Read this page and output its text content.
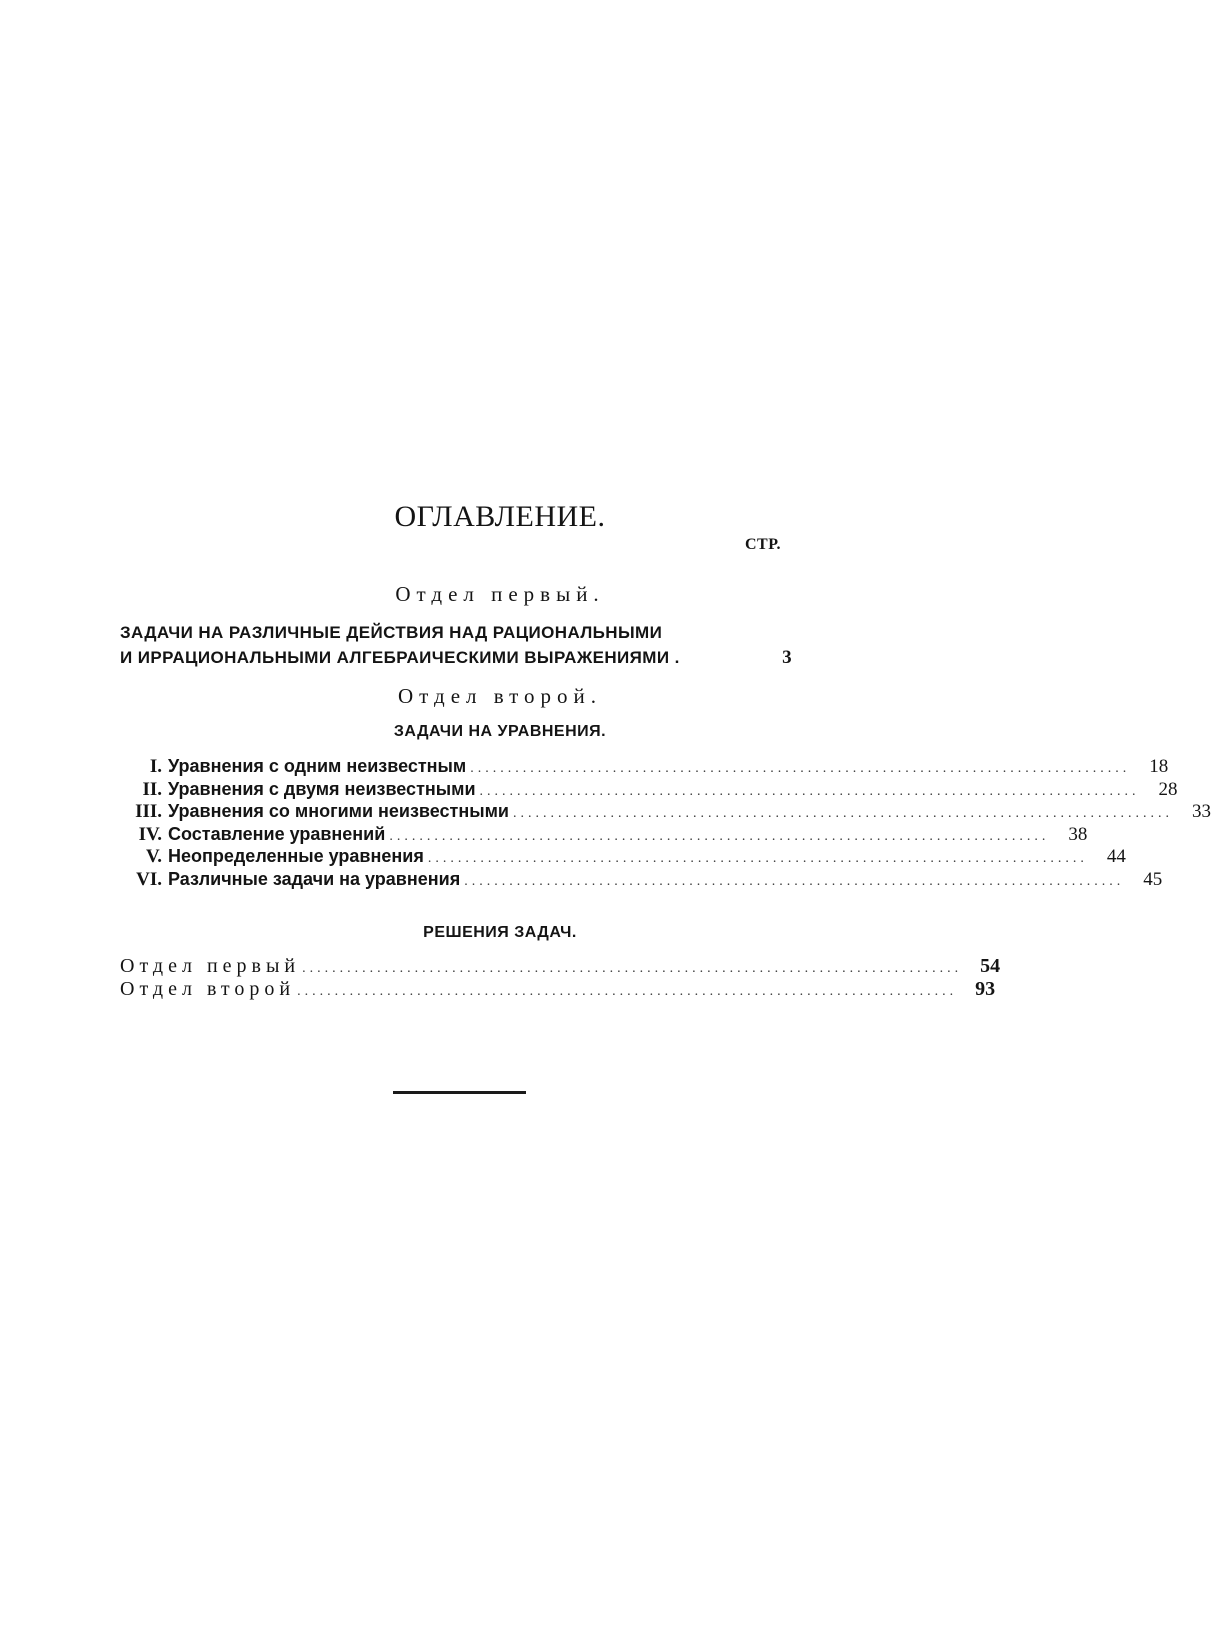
ОГЛАВЛЕНИЕ.
СТР.
Отдел первый.
ЗАДАЧИ НА РАЗЛИЧНЫЕ ДЕЙСТВИЯ НАД РАЦИОНАЛЬНЫМИ
И ИРРАЦИОНАЛЬНЫМИ АЛГЕБРАИЧЕСКИМИ ВЫРАЖЕНИЯМИ .	3
Отдел второй.
ЗАДАЧИ НА УРАВНЕНИЯ.
I. Уравнения с одним неизвестным ........................................................................................	18
II. Уравнения с двумя неизвестными ........................................................................................	28
III. Уравнения со многими неизвестными ........................................................................................	33
IV. Составление уравнений ........................................................................................	38
V. Неопределенные уравнения ........................................................................................	44
VI. Различные задачи на уравнения ........................................................................................	45
РЕШЕНИЯ ЗАДАЧ.
Отдел первый ........................................................................................ 54
Отдел второй ........................................................................................ 93
